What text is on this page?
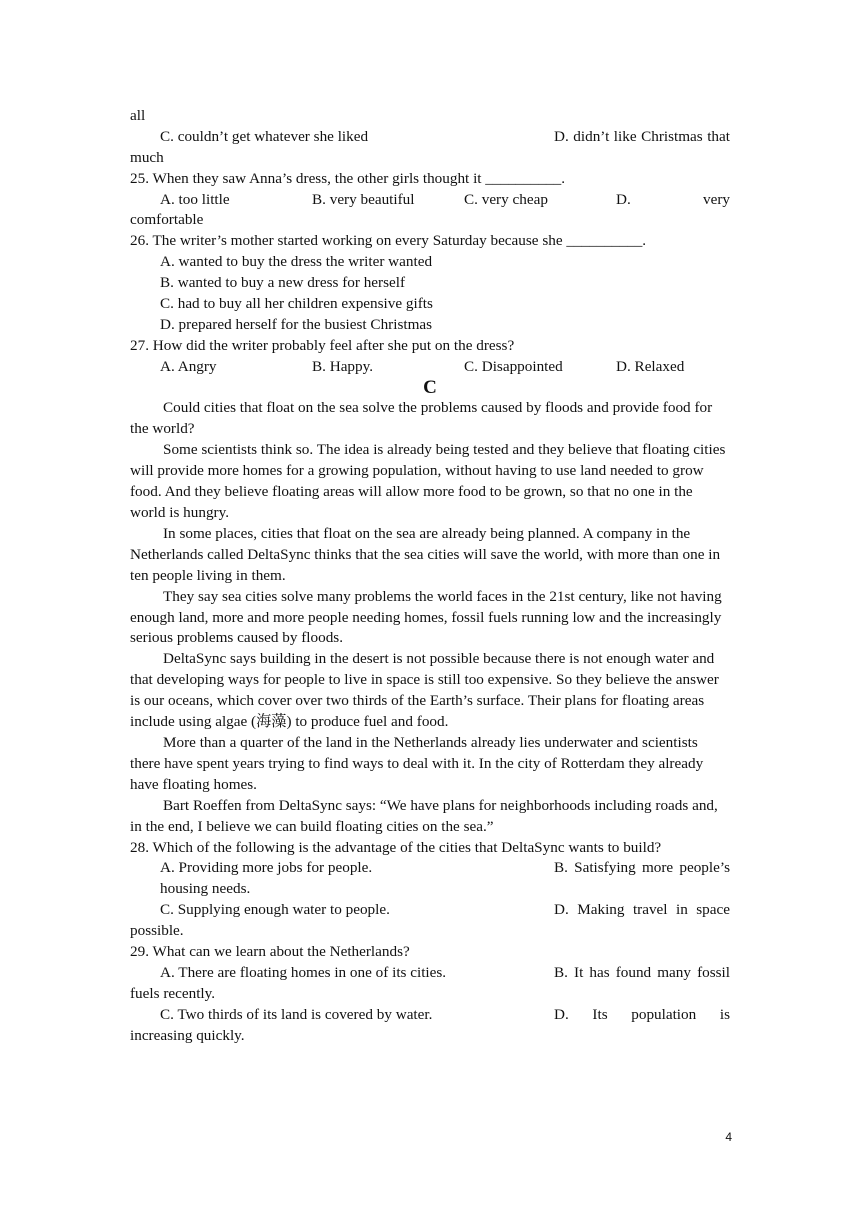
all
C. couldn’t get whatever she liked	D. didn’t like Christmas that
much
25. When they saw Anna’s dress, the other girls thought it __________.
A. too little	B. very beautiful	C. very cheap	D. very
comfortable
26. The writer’s mother started working on every Saturday because she __________.
A. wanted to buy the dress the writer wanted
B. wanted to buy a new dress for herself
C. had to buy all her children expensive gifts
D. prepared herself for the busiest Christmas
27. How did the writer probably feel after she put on the dress?
A. Angry	B. Happy.	C. Disappointed	D. Relaxed
C
Could cities that float on the sea solve the problems caused by floods and provide food for the world?
Some scientists think so. The idea is already being tested and they believe that floating cities will provide more homes for a growing population, without having to use land needed to grow food. And they believe floating areas will allow more food to be grown, so that no one in the world is hungry.
In some places, cities that float on the sea are already being planned. A company in the Netherlands called DeltaSync thinks that the sea cities will save the world, with more than one in ten people living in them.
They say sea cities solve many problems the world faces in the 21st century, like not having enough land, more and more people needing homes, fossil fuels running low and the increasingly serious problems caused by floods.
DeltaSync says building in the desert is not possible because there is not enough water and that developing ways for people to live in space is still too expensive. So they believe the answer is our oceans, which cover over two thirds of the Earth’s surface. Their plans for floating areas include using algae (海藻) to produce fuel and food.
More than a quarter of the land in the Netherlands already lies underwater and scientists there have spent years trying to find ways to deal with it. In the city of Rotterdam they already have floating homes.
Bart Roeffen from DeltaSync says: “We have plans for neighborhoods including roads and, in the end, I believe we can build floating cities on the sea.”
28. Which of the following is the advantage of the cities that DeltaSync wants to build?
A. Providing more jobs for people.	B. Satisfying more people’s
housing needs.
C. Supplying enough water to people.	D. Making travel in space
possible.
29. What can we learn about the Netherlands?
A. There are floating homes in one of its cities.	B. It has found many fossil
fuels recently.
C. Two thirds of its land is covered by water.	D. Its population is
increasing quickly.
4
